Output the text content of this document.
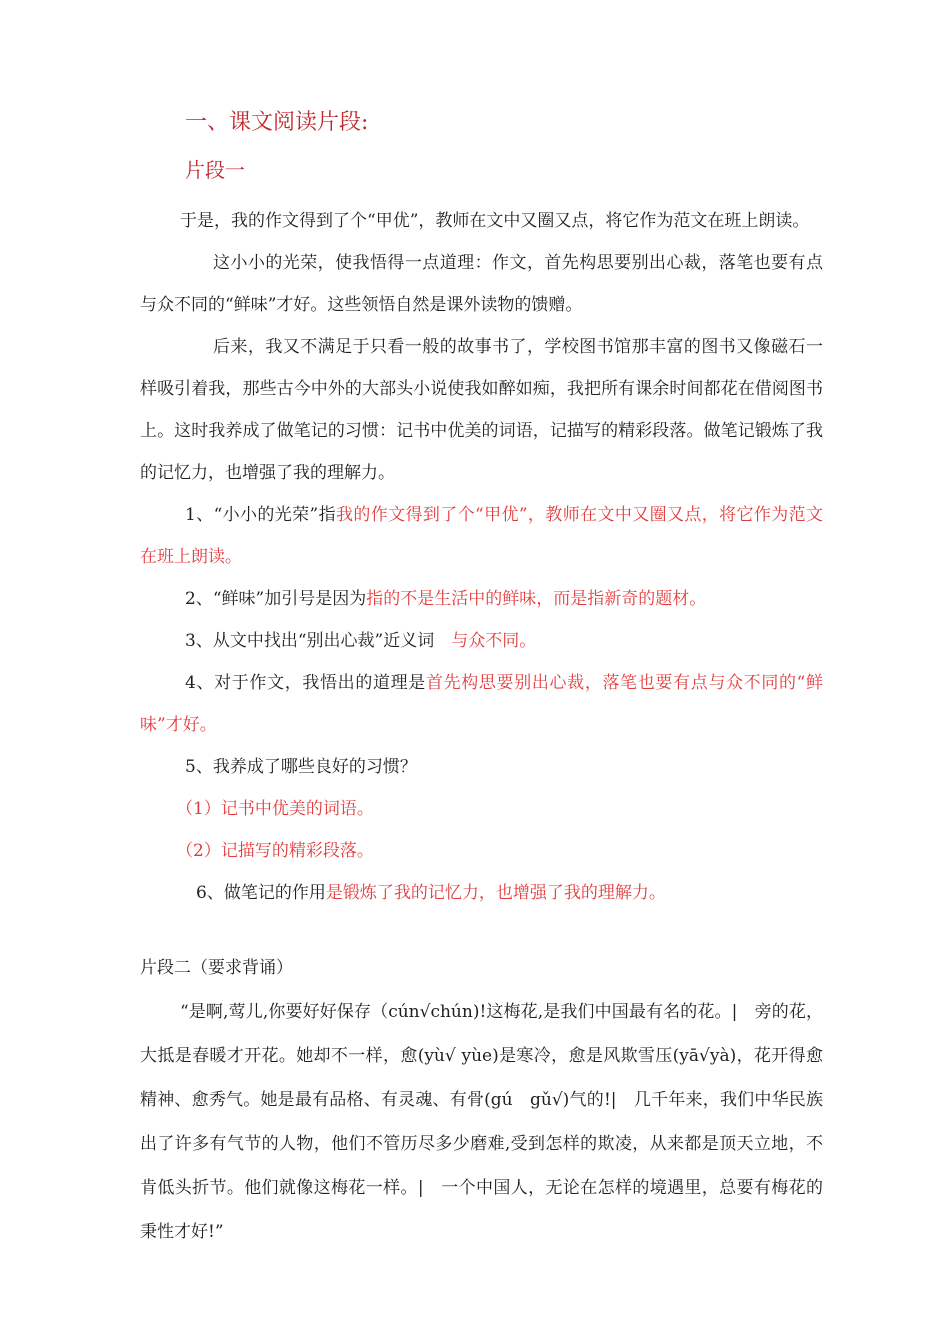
一、课文阅读片段:
片段一

于是，我的作文得到了个“甲优”，教师在文中又圈又点，将它作为范文在班上朗读。

这小小的光荣，使我悟得一点道理：作文，首先构思要别出心裁，落笔也要有点与众不同的“鲜味”才好。这些领悟自然是课外读物的馈赠。

后来，我又不满足于只看一般的故事书了，学校图书馆那丰富的图书又像磁石一样吸引着我，那些古今中外的大部头小说使我如醉如痴，我把所有课余时间都花在借阅图书上。这时我养成了做笔记的习惯：记书中优美的词语，记描写的精彩段落。做笔记锻炼了我的记忆力，也增强了我的理解力。

1、“小小的光荣”指我的作文得到了个“甲优”，教师在文中又圈又点，将它作为范文在班上朗读。

2、“鲜味”加引号是因为指的不是生活中的鲜味，而是指新奇的题材。

3、从文中找出“别出心裁”近义词　与众不同。

4、对于作文，我悟出的道理是首先构思要别出心裁，落笔也要有点与众不同的“鲜味”才好。

5、我养成了哪些良好的习惯？

（1）记书中优美的词语。

（2）记描写的精彩段落。

6、做笔记的作用是锻炼了我的记忆力，也增强了我的理解力。

片段二（要求背诵）

“是啊,莺儿,你要好好保存（cún√chún)!这梅花,是我们中国最有名的花。|　旁的花，大抵是春暖才开花。她却不一样，愈(yù√ yùe)是寒冷，愈是风欺雪压(yā√yà)，花开得愈精神、愈秀气。她是最有品格、有灵魂、有骨(gú　gǔ√)气的!|　几千年来，我们中华民族出了许多有气节的人物，他们不管历尽多少磨难,受到怎样的欺凌，从来都是顶天立地，不肯低头折节。他们就像这梅花一样。|　一个中国人，无论在怎样的境遇里，总要有梅花的秉性才好!”
